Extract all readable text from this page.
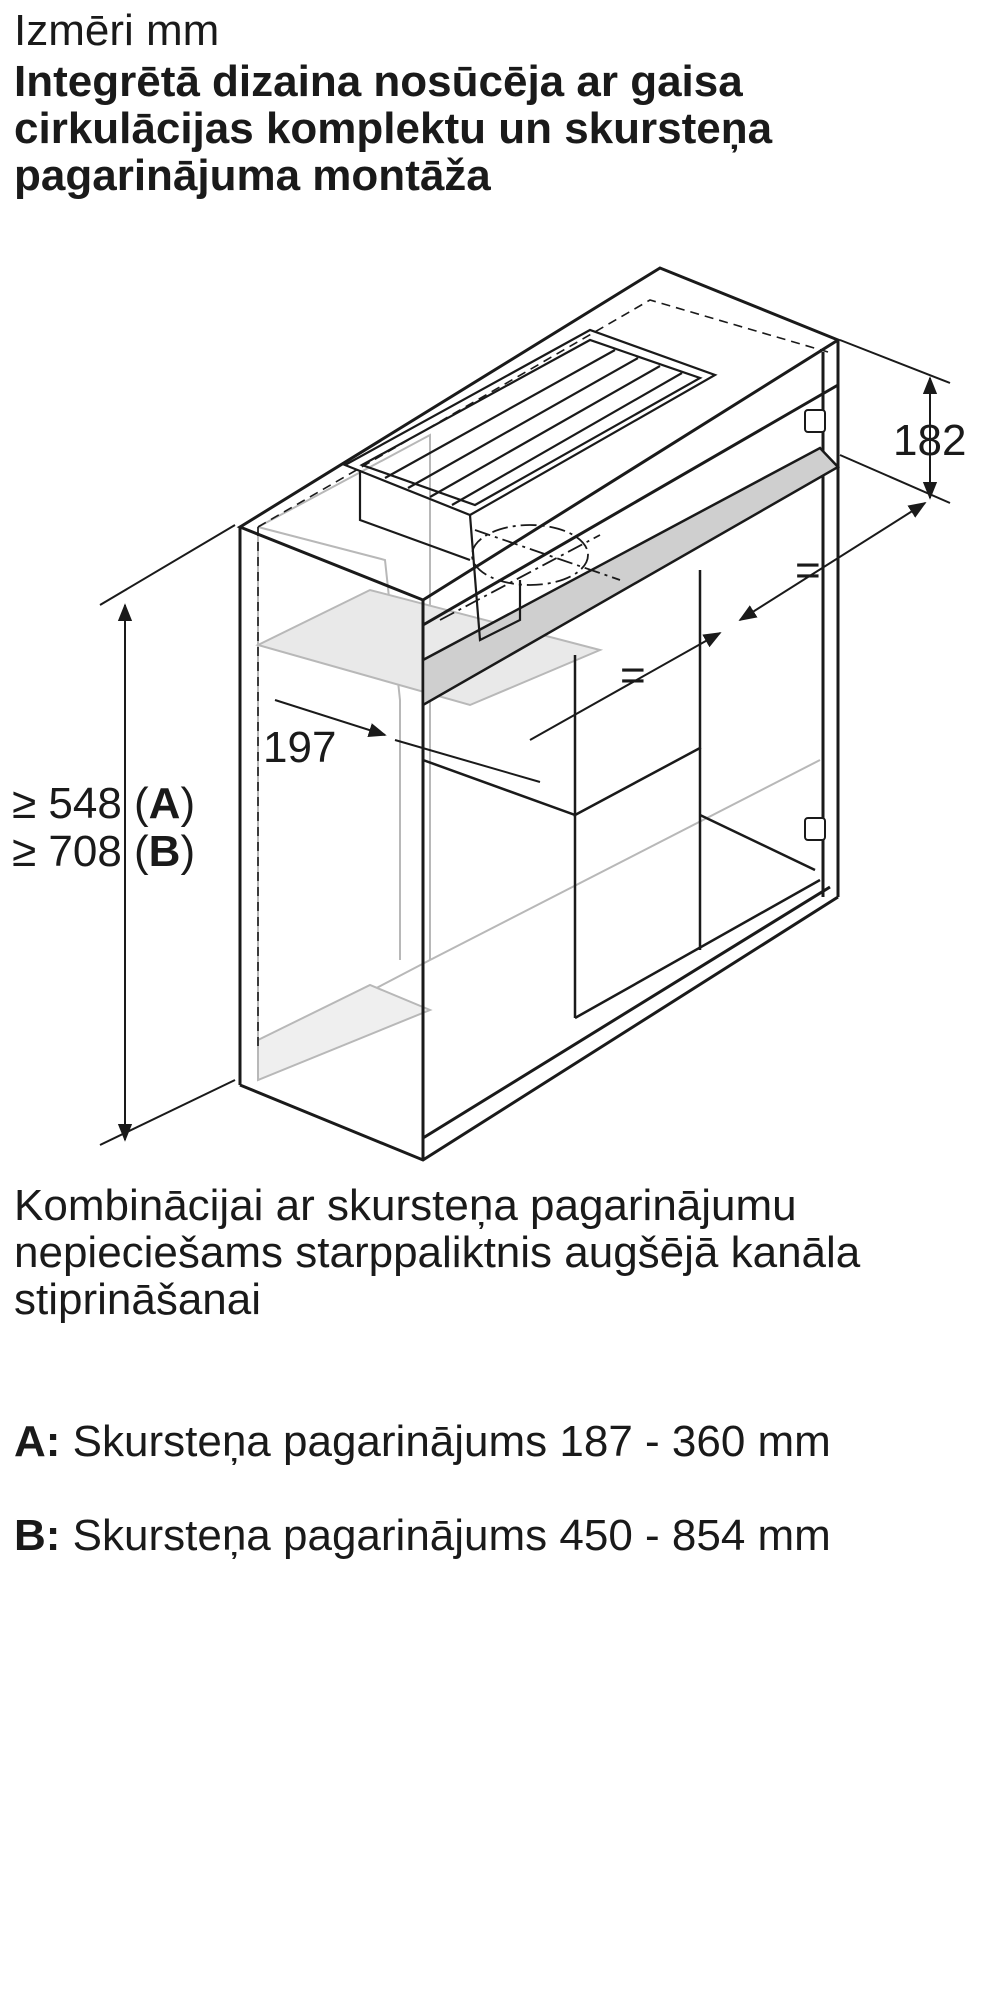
Izmēri mm
Integrētā dizaina nosūcēja ar gaisa
cirkulācijas komplektu un skursteņa
pagarinājuma montāža
182
=
=
197
≥ 548 (A)
≥ 708 (B)
Kombinācijai ar skursteņa pagarinājumu
nepieciešams starppaliktnis augšējā kanāla
stiprināšanai
A: Skursteņa pagarinājums 187 - 360 mm
B: Skursteņa pagarinājums 450 - 854 mm
